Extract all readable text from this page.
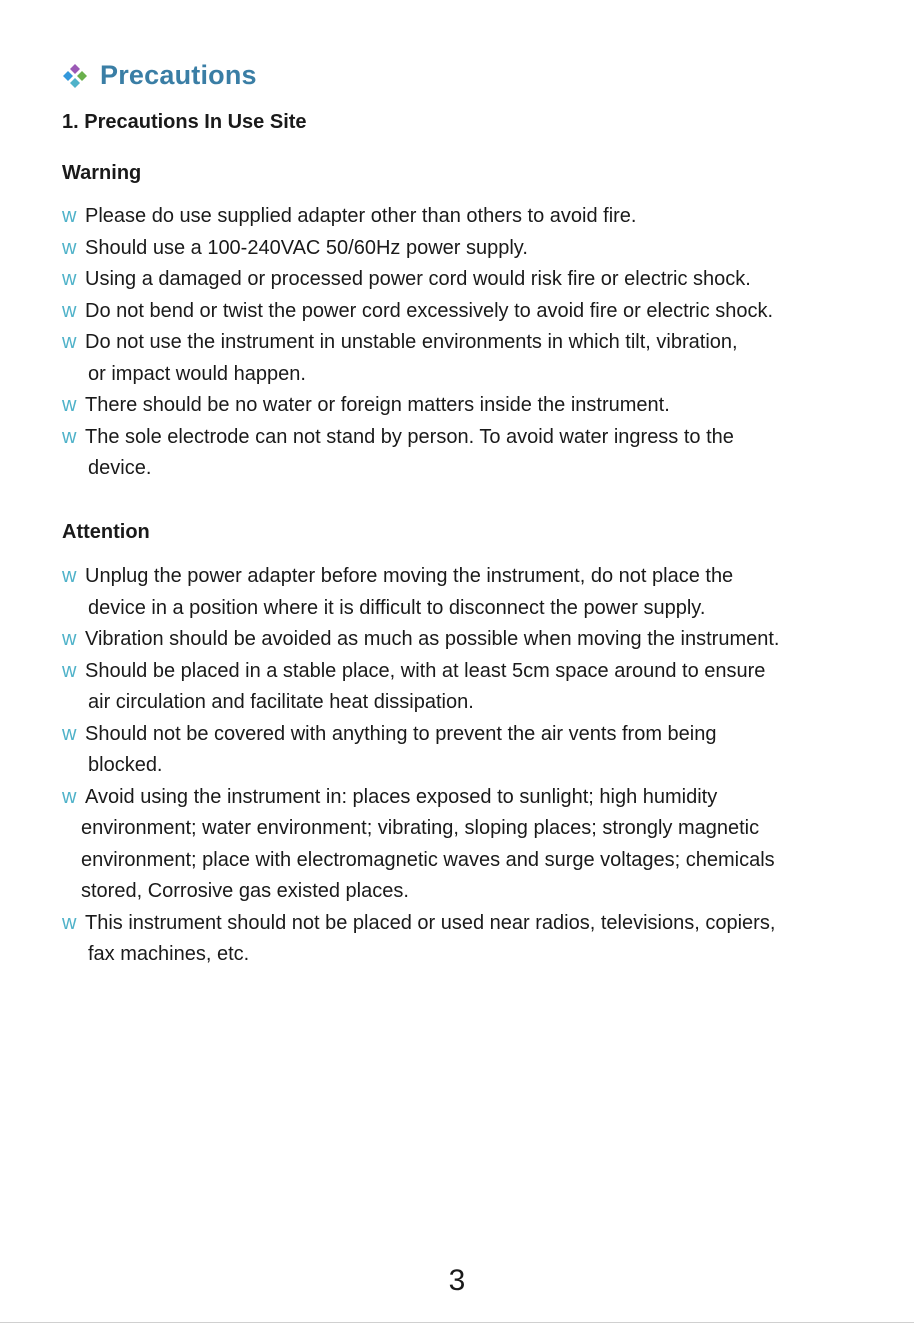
Precautions
1. Precautions In Use Site
Warning
w Please do use supplied adapter other than others to avoid fire.
w Should use a 100-240VAC 50/60Hz power supply.
w Using a damaged or processed power cord would risk fire or electric shock.
w Do not bend or twist the power cord excessively to avoid fire or electric shock.
w Do not use the instrument in unstable environments in which tilt, vibration,
or impact would happen.
w There should be no water or foreign matters inside the instrument.
w The sole electrode can not stand by person. To avoid water ingress to the
device.
Attention
w Unplug the power adapter before moving the instrument, do not place the
device in a position where it is difficult to disconnect the power supply.
w Vibration should be avoided as much as possible when moving the instrument.
w Should be placed in a stable place, with at least 5cm space around to ensure
air circulation and facilitate heat dissipation.
w Should not be covered with anything to prevent the air vents from being
blocked.
w Avoid using the instrument in: places exposed to sunlight; high humidity
environment; water environment; vibrating, sloping places; strongly magnetic
environment; place with electromagnetic waves and surge voltages; chemicals
stored, Corrosive gas existed places.
w This instrument should not be placed or used near radios, televisions, copiers,
fax machines, etc.
3
